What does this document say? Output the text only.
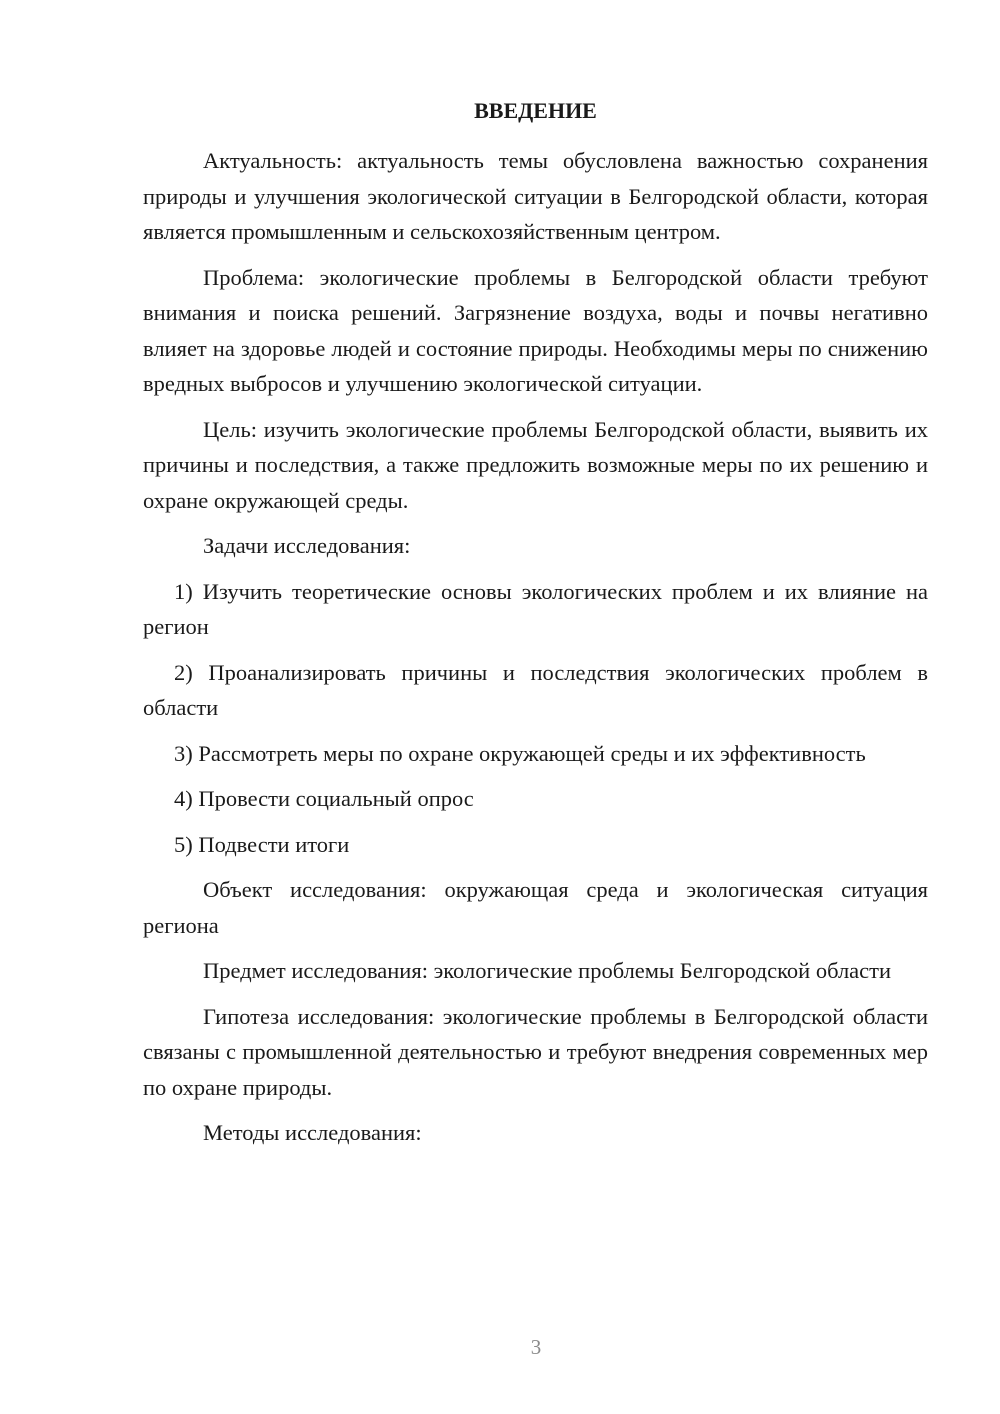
ВВЕДЕНИЕ

Актуальность: актуальность темы обусловлена важностью сохранения природы и улучшения экологической ситуации в Белгородской области, которая является промышленным и сельскохозяйственным центром.

Проблема: экологические проблемы в Белгородской области требуют внимания и поиска решений. Загрязнение воздуха, воды и почвы негативно влияет на здоровье людей и состояние природы. Необходимы меры по снижению вредных выбросов и улучшению экологической ситуации.

Цель: изучить экологические проблемы Белгородской области, выявить их причины и последствия, а также предложить возможные меры по их решению и охране окружающей среды.

Задачи исследования:

1) Изучить теоретические основы экологических проблем и их влияние на регион

2) Проанализировать причины и последствия экологических проблем в области

3) Рассмотреть меры по охране окружающей среды и их эффективность

4) Провести социальный опрос

5) Подвести итоги

Объект исследования: окружающая среда и экологическая ситуация региона

Предмет исследования: экологические проблемы Белгородской области

Гипотеза исследования: экологические проблемы в Белгородской области связаны с промышленной деятельностью и требуют внедрения современных мер по охране природы.

Методы исследования:

3
